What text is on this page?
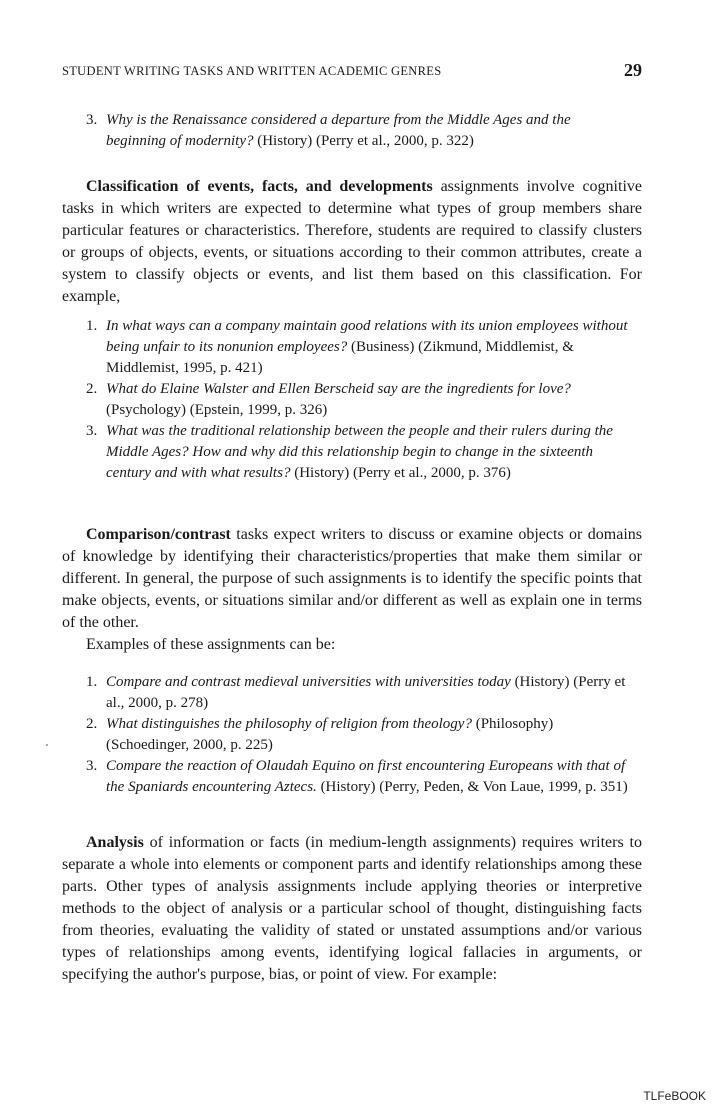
STUDENT WRITING TASKS AND WRITTEN ACADEMIC GENRES	29
3. Why is the Renaissance considered a departure from the Middle Ages and the beginning of modernity? (History) (Perry et al., 2000, p. 322)

Classification of events, facts, and developments assignments involve cognitive tasks in which writers are expected to determine what types of group members share particular features or characteristics. Therefore, students are required to classify clusters or groups of objects, events, or situations according to their common attributes, create a system to classify objects or events, and list them based on this classification. For example,

1. In what ways can a company maintain good relations with its union employees without being unfair to its nonunion employees? (Business) (Zikmund, Middlemist, & Middlemist, 1995, p. 421)
2. What do Elaine Walster and Ellen Berscheid say are the ingredients for love? (Psychology) (Epstein, 1999, p. 326)
3. What was the traditional relationship between the people and their rulers during the Middle Ages? How and why did this relationship begin to change in the sixteenth century and with what results? (History) (Perry et al., 2000, p. 376)

Comparison/contrast tasks expect writers to discuss or examine objects or domains of knowledge by identifying their characteristics/properties that make them similar or different. In general, the purpose of such assignments is to identify the specific points that make objects, events, or situations similar and/or different as well as explain one in terms of the other.

Examples of these assignments can be:

1. Compare and contrast medieval universities with universities today (History) (Perry et al., 2000, p. 278)
2. What distinguishes the philosophy of religion from theology? (Philosophy) (Schoedinger, 2000, p. 225)
3. Compare the reaction of Olaudah Equino on first encountering Europeans with that of the Spaniards encountering Aztecs. (History) (Perry, Peden, & Von Laue, 1999, p. 351)

Analysis of information or facts (in medium-length assignments) requires writers to separate a whole into elements or component parts and identify relationships among these parts. Other types of analysis assignments include applying theories or interpretive methods to the object of analysis or a particular school of thought, distinguishing facts from theories, evaluating the validity of stated or unstated assumptions and/or various types of relationships among events, identifying logical fallacies in arguments, or specifying the author's purpose, bias, or point of view. For example:

TLFeBOOK
